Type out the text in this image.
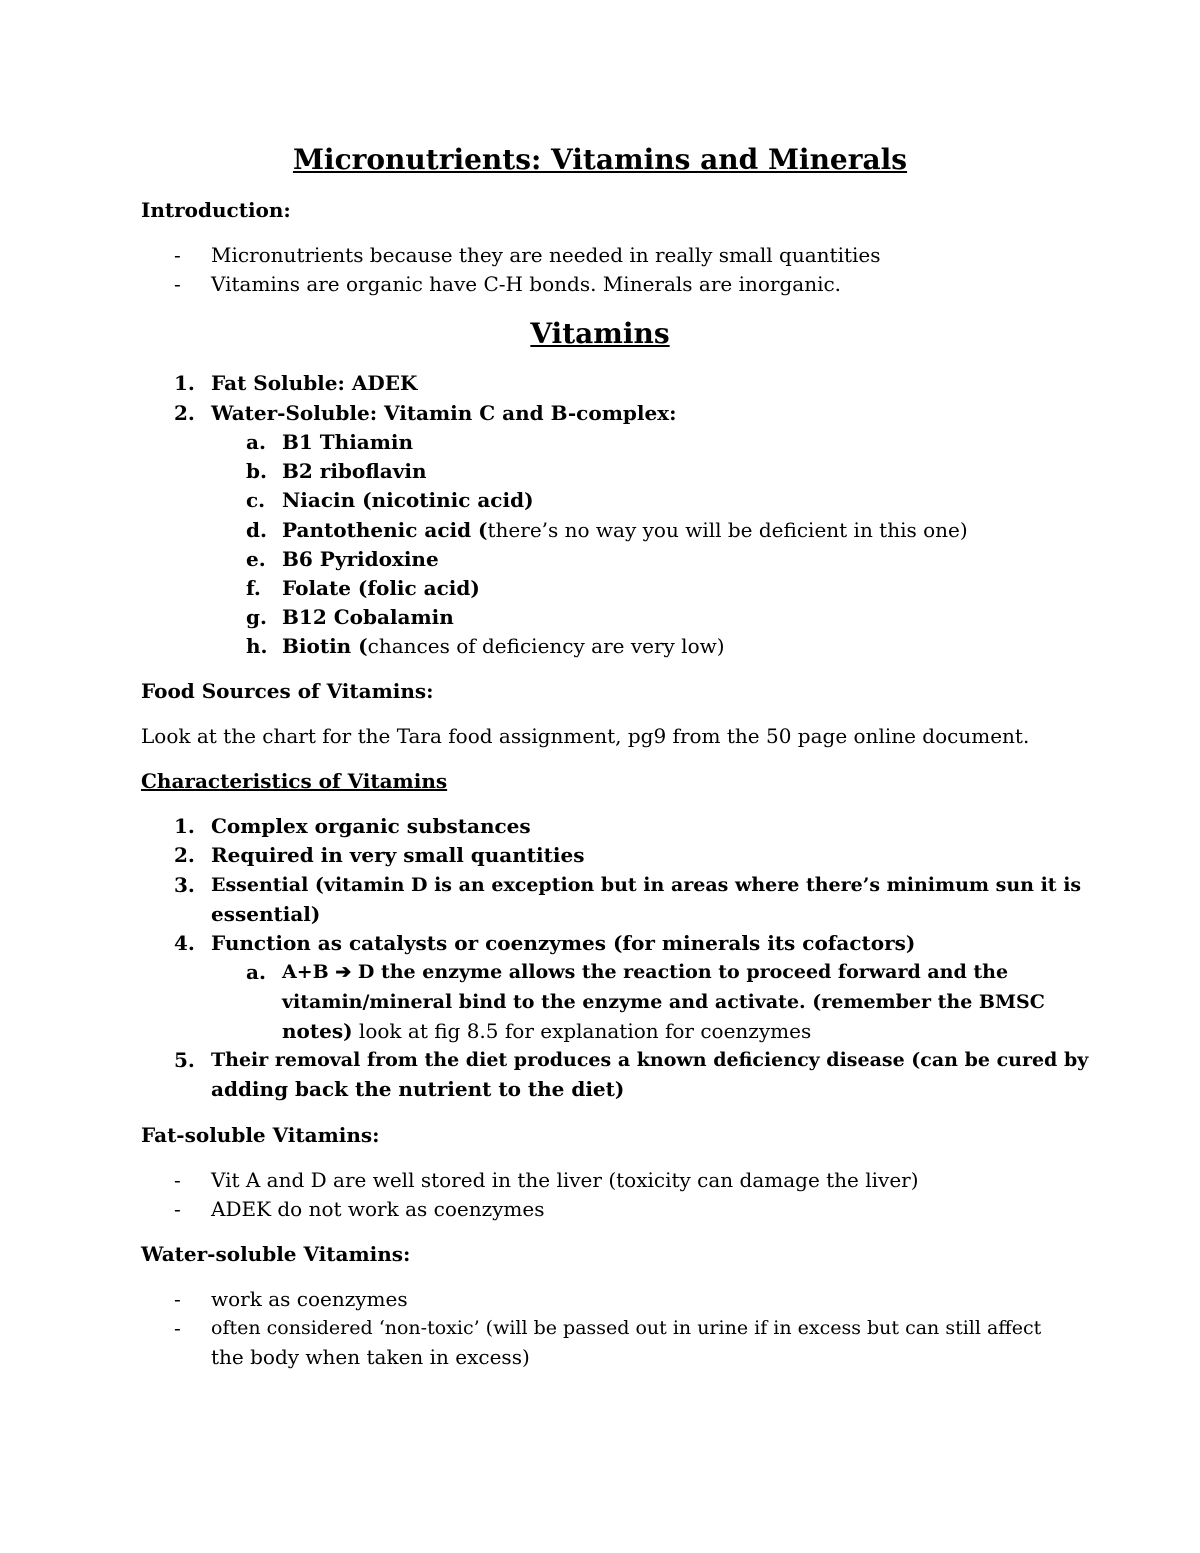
Micronutrients: Vitamins and Minerals
Introduction:
- Micronutrients because they are needed in really small quantities
- Vitamins are organic have C-H bonds. Minerals are inorganic.
Vitamins
1. Fat Soluble: ADEK
2. Water-Soluble: Vitamin C and B-complex:
a. B1 Thiamin
b. B2 riboflavin
c. Niacin (nicotinic acid)
d. Pantothenic acid (there’s no way you will be deficient in this one)
e. B6 Pyridoxine
f. Folate (folic acid)
g. B12 Cobalamin
h. Biotin (chances of deficiency are very low)
Food Sources of Vitamins:
Look at the chart for the Tara food assignment, pg9 from the 50 page online document.
Characteristics of Vitamins
1. Complex organic substances
2. Required in very small quantities
3. Essential (vitamin D is an exception but in areas where there’s minimum sun it is
essential)
4. Function as catalysts or coenzymes (for minerals its cofactors)
a. A+B ➔ D the enzyme allows the reaction to proceed forward and the
vitamin/mineral bind to the enzyme and activate. (remember the BMSC
notes) look at fig 8.5 for explanation for coenzymes
5. Their removal from the diet produces a known deficiency disease (can be cured by
adding back the nutrient to the diet)
Fat-soluble Vitamins:
- Vit A and D are well stored in the liver (toxicity can damage the liver)
- ADEK do not work as coenzymes
Water-soluble Vitamins:
- work as coenzymes
- often considered ‘non-toxic’ (will be passed out in urine if in excess but can still affect
the body when taken in excess)
